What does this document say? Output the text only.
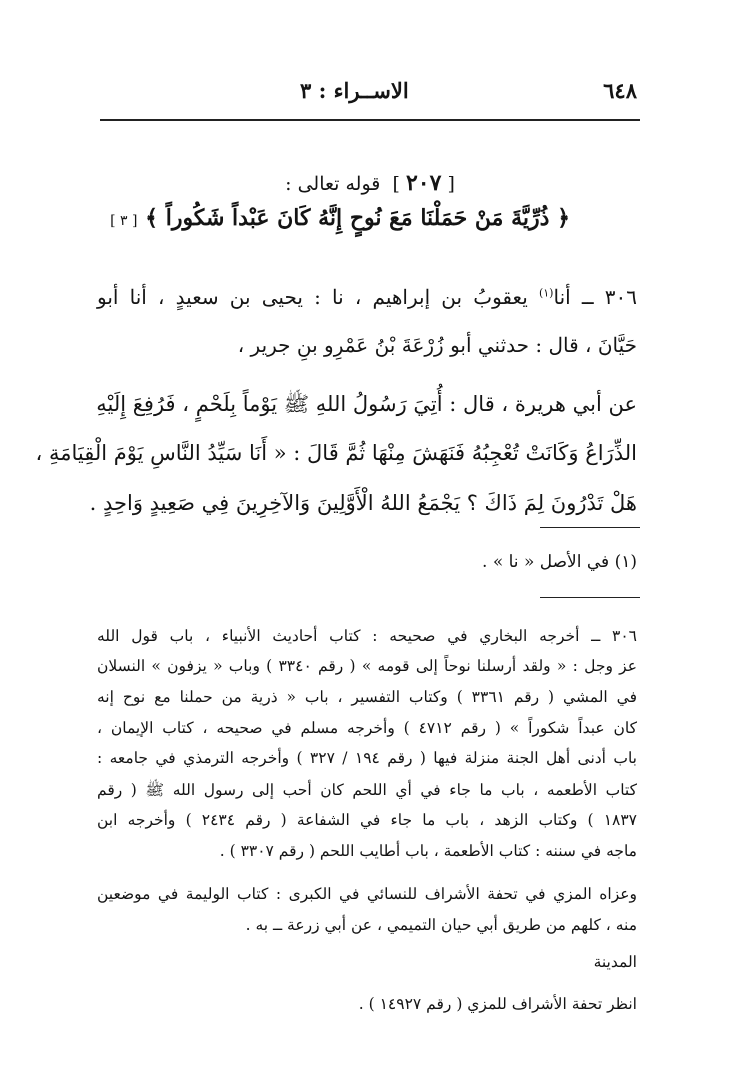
٦٤٨
الاســراء : ٣
[ ٢٠٧ ]  قوله تعالى :
﴿ ذُرِّيَّةَ مَنْ حَمَلْنَا مَعَ نُوحٍ إِنَّهُ كَانَ عَبْداً شَكُوراً ﴾ [ ٣ ]
٣٠٦ ــ أنا$^{(١)}$ يعقوبُ بن إبراهيم ، نا : يحيى بن سعيدٍ ، أنا أبو
حَيَّانَ ، قال : حدثني أبو زُرْعَةَ بْنُ عَمْرِو بنِ جرير ،
عن أبي هريرة ، قال : أُتِيَ رَسُولُ اللهِ ﷺ يَوْماً بِلَحْمٍ ، فَرُفِعَ إِلَيْهِ
الذِّرَاعُ وَكَانَتْ تُعْجِبُهُ فَنَهَشَ مِنْهَا ثُمَّ قَالَ : « أَنَا سَيِّدُ النَّاسِ يَوْمَ الْقِيَامَةِ ،
هَلْ تَدْرُونَ لِمَ ذَاكَ ؟ يَجْمَعُ اللهُ الْأَوَّلِينَ وَالآخِرِينَ فِي صَعِيدٍ وَاحِدٍ .
(١) في الأصل « نا » .
٣٠٦ ــ أخرجه البخاري في صحيحه : كتاب أحاديث الأنبياء ، باب قول الله
عز وجل : « ولقد أرسلنا نوحاً إلى قومه » ( رقم ٣٣٤٠ ) وباب « يزفون » النسلان
في المشي ( رقم ٣٣٦١ ) وكتاب التفسير ، باب « ذرية من حملنا مع نوح إنه
كان عبداً شكوراً » ( رقم ٤٧١٢ ) وأخرجه مسلم في صحيحه ، كتاب الإيمان ،
باب أدنى أهل الجنة منزلة فيها ( رقم ١٩٤ / ٣٢٧ ) وأخرجه الترمذي في جامعه :
كتاب الأطعمه ، باب ما جاء في أي اللحم كان أحب إلى رسول الله ﷺ ( رقم
١٨٣٧ ) وكتاب الزهد ، باب ما جاء في الشفاعة ( رقم ٢٤٣٤ ) وأخرجه ابن
ماجه في سننه : كتاب الأطعمة ، باب أطايب اللحم ( رقم ٣٣٠٧ ) .
وعزاه المزي في تحفة الأشراف للنسائي في الكبرى : كتاب الوليمة في موضعين
منه ، كلهم من طريق أبي حيان التميمي ، عن أبي زرعة ــ به .
المدينة
انظر تحفة الأشراف للمزي ( رقم ١٤٩٢٧ ) .
